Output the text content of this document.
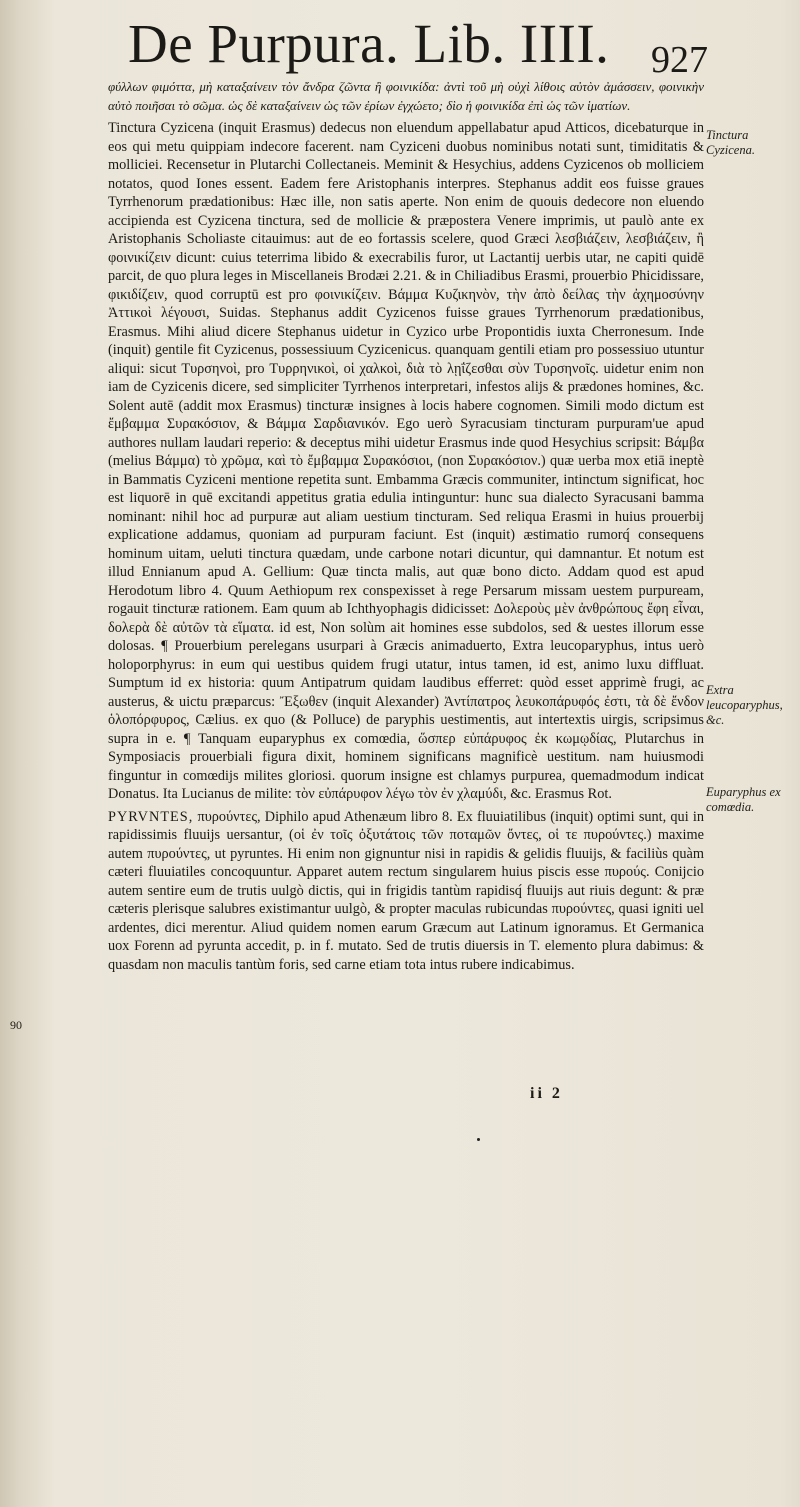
De Purpura. Lib. IIII. 927

φύλλων φιμόττα, μὴ καταξαίνειν τὸν ἄνδρα ζῶντα ἢ φοινικίδα: ἀντὶ τοῦ μὴ οὐχὶ λίθοις αὐτὸν ἀμάσσειν, φοινικὴν αὐτὸ ποιῆσαι τὸ σῶμα. ὡς δὲ καταξαίνειν ὡς τῶν ἐρίων ἐγχώετο; δὶο ἡ φοινικίδα ἐπὶ ὡς τῶν ἱματίων.

Tinctura Cyzicena (inquit Erasmus) dedecus non eluendum appellabatur apud Atticos, dicebaturque in eos qui metu quippiam indecore facerent. nam Cyziceni duobus nominibus notati sunt, timiditatis & molliciei. Recensetur in Plutarchi Collectaneis. Meminit & Hesychius, addens Cyzicenos ob molliciem notatos, quod Iones essent. Eadem fere Aristophanis interpres. Stephanus addit eos fuisse graues Tyrrhenorum prædationibus: Hæc ille, non satis aperte. Non enim de quouis dedecore non eluendo accipienda est Cyzicena tinctura, sed de mollicie & præpostera Venere imprimis, ut paulò ante ex Aristophanis Scholiaste citauimus: aut de eo fortassis scelere, quod Græci λεσβιάζειν, λεσβιάζειν, ἢ φοινικίζειν dicunt: cuius teterrima libido & execrabilis furor, ut Lactantij uerbis utar, ne capiti quidē parcit, de quo plura leges in Miscellaneis Brodæi 2.21. & in Chiliadibus Erasmi, prouerbio Phicidissare, φικιδίζειν, quod corruptū est pro φοινικίζειν. Βάμμα Κυζικηνὸν, τὴν ἀπὸ δείλας τὴν ἀχημοσύνην Ἀττικοὶ λέγουσι, Suidas. Stephanus addit Cyzicenos fuisse graues Tyrrhenorum prædationibus, Erasmus. Mihi aliud dicere Stephanus uidetur in Cyzico urbe Propontidis iuxta Cherronesum. Inde (inquit) gentile fit Cyzicenus, possessiuum Cyzicenicus. quanquam gentili etiam pro possessiuo utuntur aliqui: sicut Τυρσηνοὶ, pro Τυρρηνικοὶ, οἱ χαλκοὶ, διὰ τὸ λῃΐζεσθαι σὺν Τυρσηνοῖς. uidetur enim non iam de Cyzicenis dicere, sed simpliciter Tyrrhenos interpretari, infestos alijs & prædones homines, &c. Solent autē (addit mox Erasmus) tincturæ insignes à locis habere cognomen. Simili modo dictum est ἔμβαμμα Συρακόσιον, & Βάμμα Σαρδιανικόν. Ego uerò Syracusiam tincturam purpuram'ue apud authores nullam laudari reperio: & deceptus mihi uidetur Erasmus inde quod Hesychius scripsit: Βάμβα (melius Βάμμα) τὸ χρῶμα, καὶ τὸ ἔμβαμμα Συρακόσιοι, (non Συρακόσιον.) quæ uerba mox etiā ineptè in Bammatis Cyziceni mentione repetita sunt. Embamma Græcis communiter, intinctum significat, hoc est liquorē in quē excitandi appetitus gratia edulia intinguntur: hunc sua dialecto Syracusani bamma nominant: nihil hoc ad purpuræ aut aliam uestium tincturam. Sed reliqua Erasmi in huius prouerbij explicatione addamus, quoniam ad purpuram faciunt. Est (inquit) æstimatio rumorq́ consequens hominum uitam, ueluti tinctura quædam, unde carbone notari dicuntur, qui damnantur. Et notum est illud Ennianum apud A. Gellium: Quæ tincta malis, aut quæ bono dicto. Addam quod est apud Herodotum libro 4. Quum Aethiopum rex conspexisset à rege Persarum missam uestem purpuream, rogauit tincturæ rationem. Eam quum ab Ichthyophagis didicisset: Δολεροὺς μὲν ἀνθρώπους ἔφη εἶναι, δολερὰ δὲ αὐτῶν τὰ εἵματα. id est, Non solùm ait homines esse subdolos, sed & uestes illorum esse dolosas. ¶ Prouerbium perelegans usurpari à Græcis animaduerto, Extra leucoparyphus, intus uerò holoporphyrus: in eum qui uestibus quidem frugi utatur, intus tamen, id est, animo luxu diffluat. Sumptum id ex historia: quum Antipatrum quidam laudibus efferret: quòd esset apprimè frugi, ac austerus, & uictu præparcus: Ἔξωθεν (inquit Alexander) Ἀντίπατρος λευκοπάρυφός ἐστι, τὰ δὲ ἔνδον ὁλοπόρφυρος, Cælius. ex quo (& Polluce) de paryphis uestimentis, aut intertextis uirgis, scripsimus supra in e. ¶ Tanquam euparyphus ex comœdia, ὥσπερ εὐπάρυφος ἐκ κωμῳδίας, Plutarchus in Symposiacis prouerbiali figura dixit, hominem significans magnificè uestitum. nam huiusmodi finguntur in comœdijs milites gloriosi. quorum insigne est chlamys purpurea, quemadmodum indicat Donatus. Ita Lucianus de milite: τὸν εὐπάρυφον λέγω τὸν ἐν χλαμύδι, &c. Erasmus Rot.

PYRVNTES, πυρούντες, Diphilo apud Athenæum libro 8. Ex fluuiatilibus (inquit) optimi sunt, qui in rapidissimis fluuijs uersantur, (οἱ ἐν τοῖς ὀξυτάτοις τῶν ποταμῶν ὄντες, οἱ τε πυρούντες.) maxime autem πυρούντες, ut pyruntes. Hi enim non gignuntur nisi in rapidis & gelidis fluuijs, & faciliùs quàm cæteri fluuiatiles concoquuntur. Apparet autem rectum singularem huius piscis esse πυρούς. Conijcio autem sentire eum de trutis uulgò dictis, qui in frigidis tantùm rapidisq́ fluuijs aut riuis degunt: & præ cæteris plerisque salubres existimantur uulgò, & propter maculas rubicundas πυρούντες, quasi igniti uel ardentes, dici merentur. Aliud quidem nomen earum Græcum aut Latinum ignoramus. Et Germanica uox Forenn ad pyrunta accedit, p. in f. mutato. Sed de trutis diuersis in T. elemento plura dabimus: & quasdam non maculis tantùm foris, sed carne etiam tota intus rubere indicabimus.

Tinctura Cyzicena.
Extra leucoparyphus, &c.
Euparyphus ex comœdia.
90
ii 2
